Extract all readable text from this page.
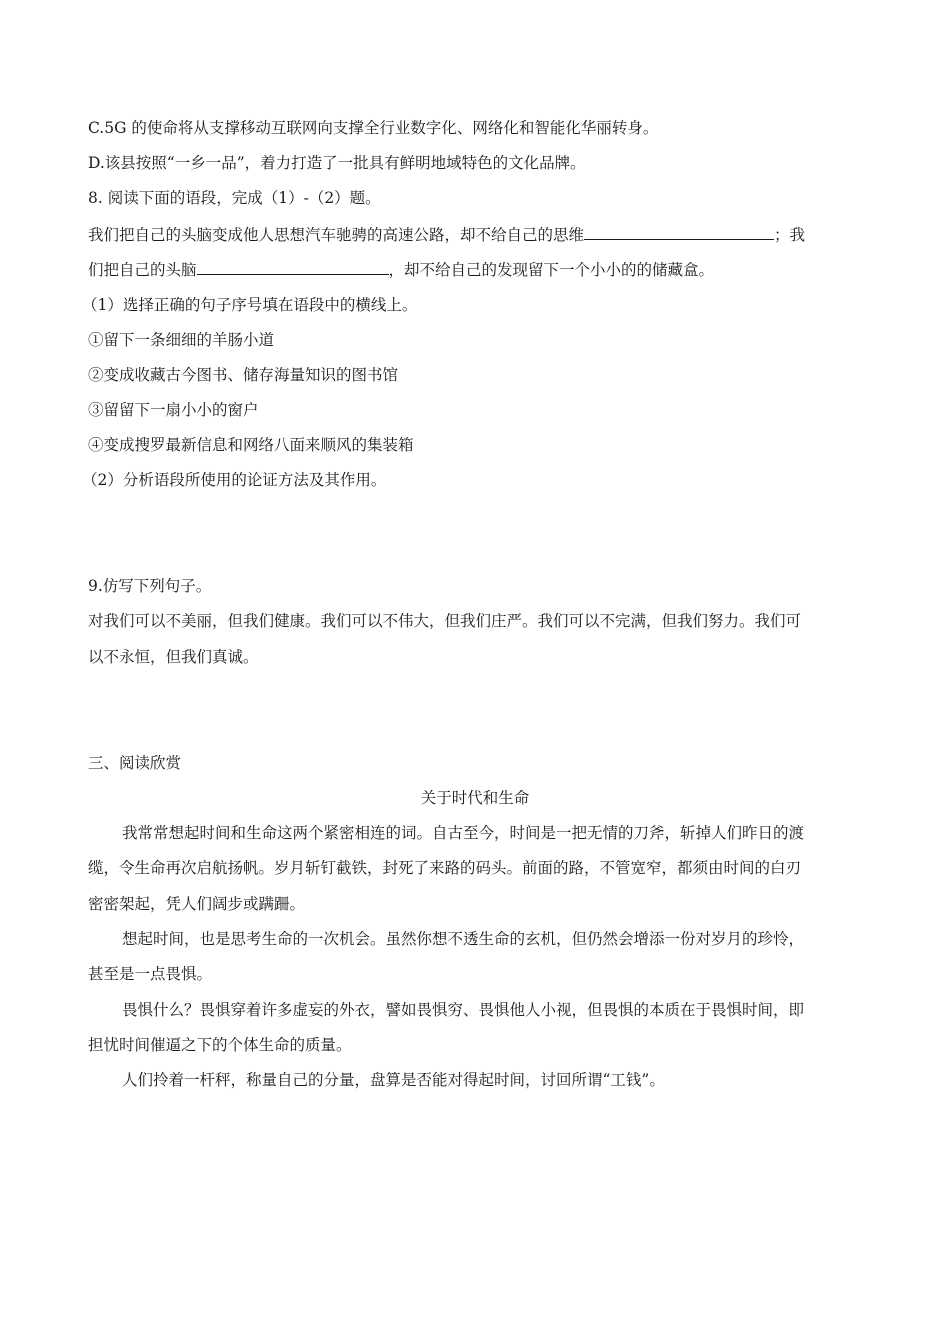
C.5G 的使命将从支撑移动互联网向支撑全行业数字化、网络化和智能化华丽转身。
D.该县按照“一乡一品”，着力打造了一批具有鲜明地域特色的文化品牌。
8. 阅读下面的语段，完成（1）-（2）题。
我们把自己的头脑变成他人思想汽车驰骋的高速公路，却不给自己的思维	；我
们把自己的头脑	，却不给自己的发现留下一个小小的的储藏盒。
（1）选择正确的句子序号填在语段中的横线上。
①留下一条细细的羊肠小道
②变成收藏古今图书、储存海量知识的图书馆
③留留下一扇小小的窗户
④变成搜罗最新信息和网络八面来顺风的集装箱
（2）分析语段所使用的论证方法及其作用。
9.仿写下列句子。
对我们可以不美丽，但我们健康。我们可以不伟大，但我们庄严。我们可以不完满，但我们努力。我们可
以不永恒，但我们真诚。
三、阅读欣赏
关于时代和生命
我常常想起时间和生命这两个紧密相连的词。自古至今，时间是一把无情的刀斧，斩掉人们昨日的渡
缆，令生命再次启航扬帆。岁月斩钉截铁，封死了来路的码头。前面的路，不管宽窄，都须由时间的白刃
密密架起，凭人们阔步或蹒跚。
想起时间，也是思考生命的一次机会。虽然你想不透生命的玄机，但仍然会增添一份对岁月的珍怜，
甚至是一点畏惧。
畏惧什么？畏惧穿着许多虚妄的外衣，譬如畏惧穷、畏惧他人小视，但畏惧的本质在于畏惧时间，即
担忧时间催逼之下的个体生命的质量。
人们拎着一杆秤，称量自己的分量，盘算是否能对得起时间，讨回所谓“工钱”。
